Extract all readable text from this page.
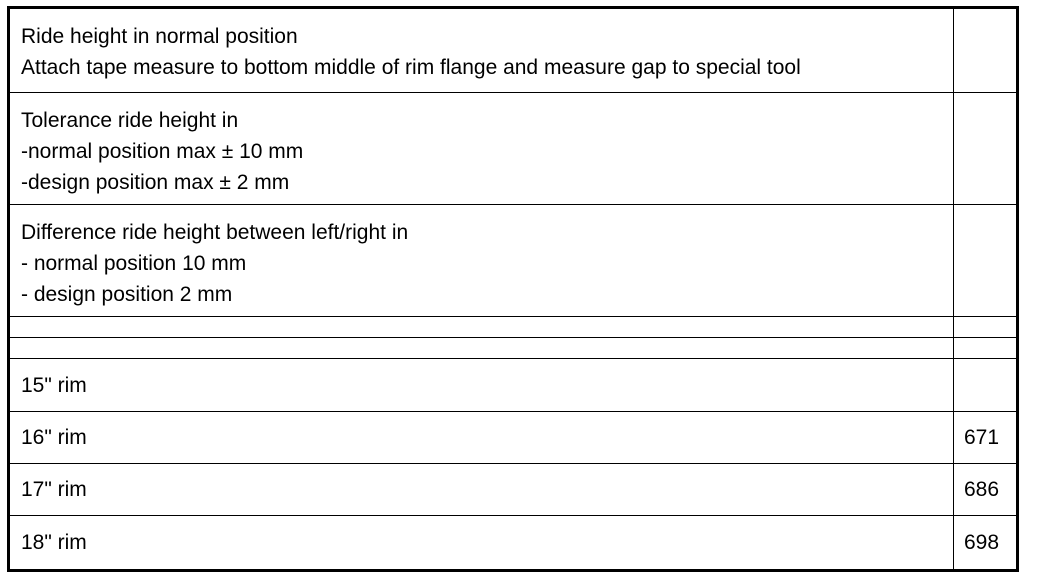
Ride height in normal position
Attach tape measure to bottom middle of rim flange and measure gap to special tool	

Tolerance ride height in
-normal position max ± 10 mm
-design position max ± 2 mm	

Difference ride height between left/right in
- normal position 10 mm
- design position 2 mm	

15" rim	
16" rim	671
17" rim	686
18" rim	698
